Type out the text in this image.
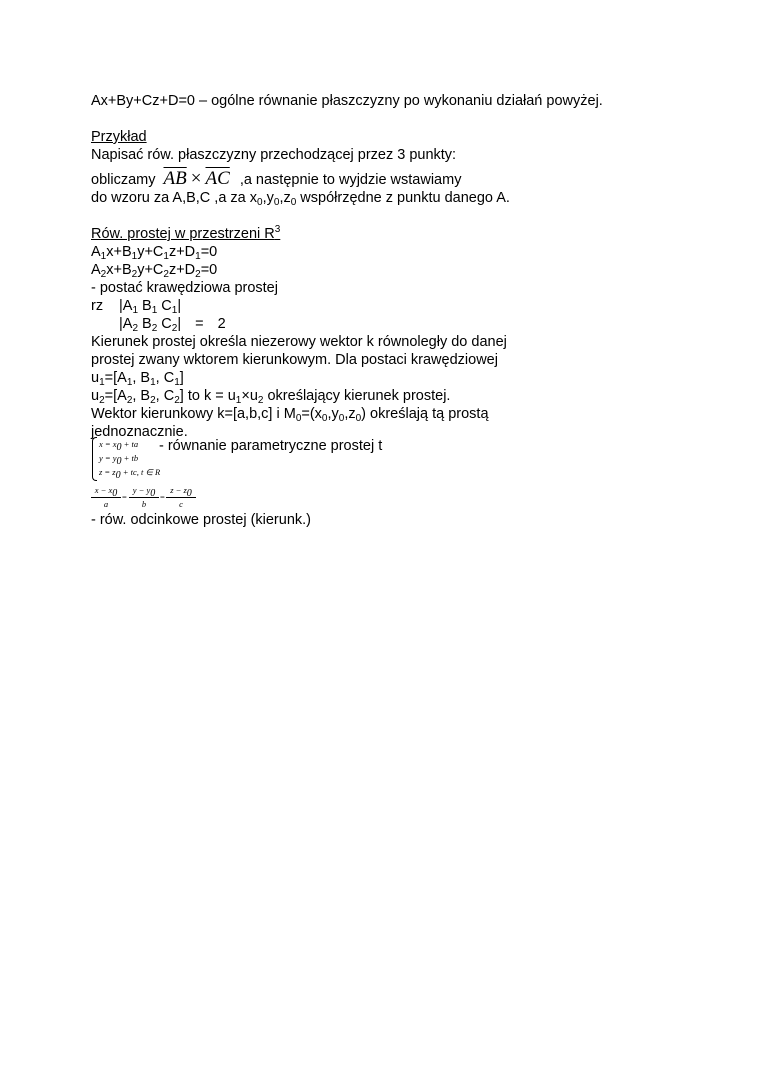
Ax+By+Cz+D=0 – ogólne równanie płaszczyzny po wykonaniu działań powyżej.
Przykład
Napisać rów. płaszczyzny przechodzącej przez 3 punkty:
obliczamy $\overline{AB} \times \overline{AC}$ ,a następnie to wyjdzie wstawiamy
do wzoru za A,B,C ,a za $x_0,y_0,z_0$ współrzędne z punktu danego A.
Rów. prostej w przestrzeni $R^3$
$A_1x+B_1y+C_1z+D_1=0$
$A_2x+B_2y+C_2z+D_2=0$
- postać krawędziowa prostej
rz $|A_1$ $B_1$ $C_1|$
$|A_2$ $B_2$ $C_2| = 2$
Kierunek prostej określa niezerowy wektor k równoległy do danej
prostej zwany wktorem kierunkowym. Dla postaci krawędziowej
$u_1=[A_1$, $B_1$, $C_1$]
$u_2=[A_2$, $B_2$, $C_2$] to $k = u_1\times u_2$ określający kierunek prostej.
Wektor kierunkowy k=[a,b,c] i $M_0=(x_0,y_0,z_0)$ określają tą prostą
jednoznacznie.
$x = x_0$ + ta
$y = y_0$ + tb
$z = z_0$ + tc, t ∈ R
- równanie parametryczne prostej t
$\frac{x - x_0}{a} = \frac{y - y_0}{b} = \frac{z - z_0}{c}$
- rów. odcinkowe prostej (kierunk.)
